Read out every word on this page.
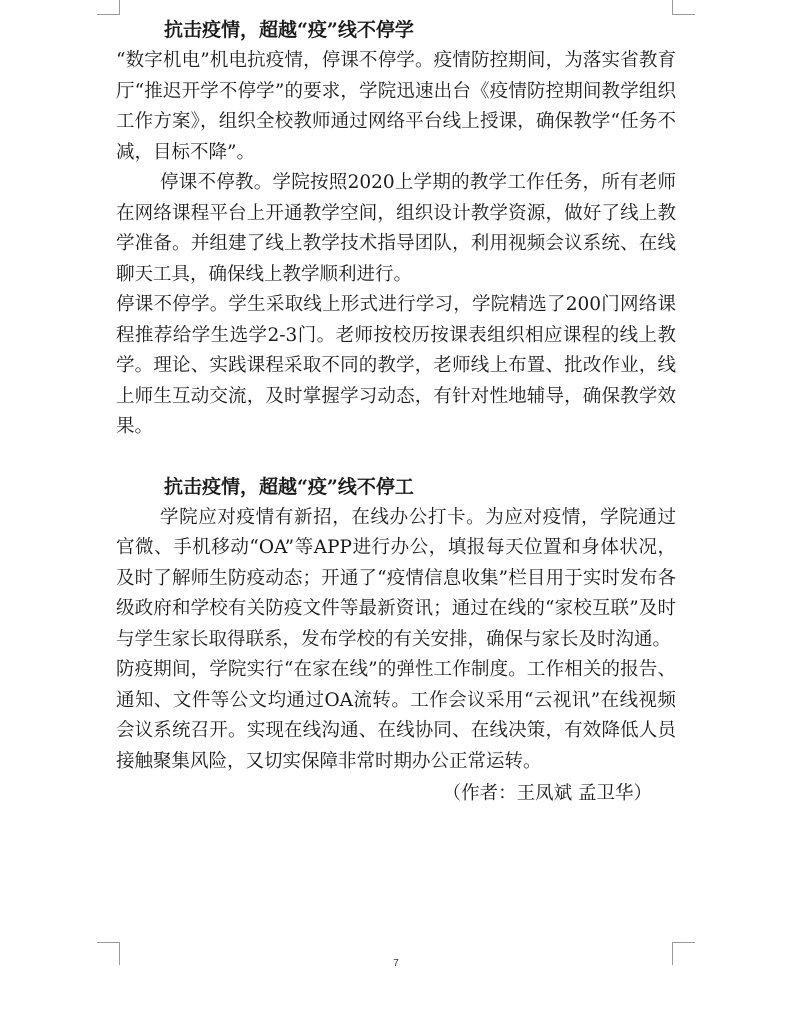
抗击疫情，超越“疫”线不停学

“数字机电”机电抗疫情，停课不停学。疫情防控期间，为落实省教育厅“推迟开学不停学”的要求，学院迅速出台《疫情防控期间教学组织工作方案》，组织全校教师通过网络平台线上授课，确保教学“任务不减，目标不降”。

停课不停教。学院按照2020上学期的教学工作任务，所有老师在网络课程平台上开通教学空间，组织设计教学资源，做好了线上教学准备。并组建了线上教学技术指导团队，利用视频会议系统、在线聊天工具，确保线上教学顺利进行。

停课不停学。学生采取线上形式进行学习，学院精选了200门网络课程推荐给学生选学2-3门。老师按校历按课表组织相应课程的线上教学。理论、实践课程采取不同的教学，老师线上布置、批改作业，线上师生互动交流，及时掌握学习动态，有针对性地辅导，确保教学效果。

抗击疫情，超越“疫”线不停工

学院应对疫情有新招，在线办公打卡。为应对疫情，学院通过官微、手机移动“OA”等APP进行办公，填报每天位置和身体状况，及时了解师生防疫动态；开通了“疫情信息收集”栏目用于实时发布各级政府和学校有关防疫文件等最新资讯；通过在线的“家校互联”及时与学生家长取得联系，发布学校的有关安排，确保与家长及时沟通。

防疫期间，学院实行“在家在线”的弹性工作制度。工作相关的报告、通知、文件等公文均通过OA流转。工作会议采用“云视讯”在线视频会议系统召开。实现在线沟通、在线协同、在线决策，有效降低人员接触聚集风险，又切实保障非常时期办公正常运转。

（作者：王凤斌 孟卫华）

7
